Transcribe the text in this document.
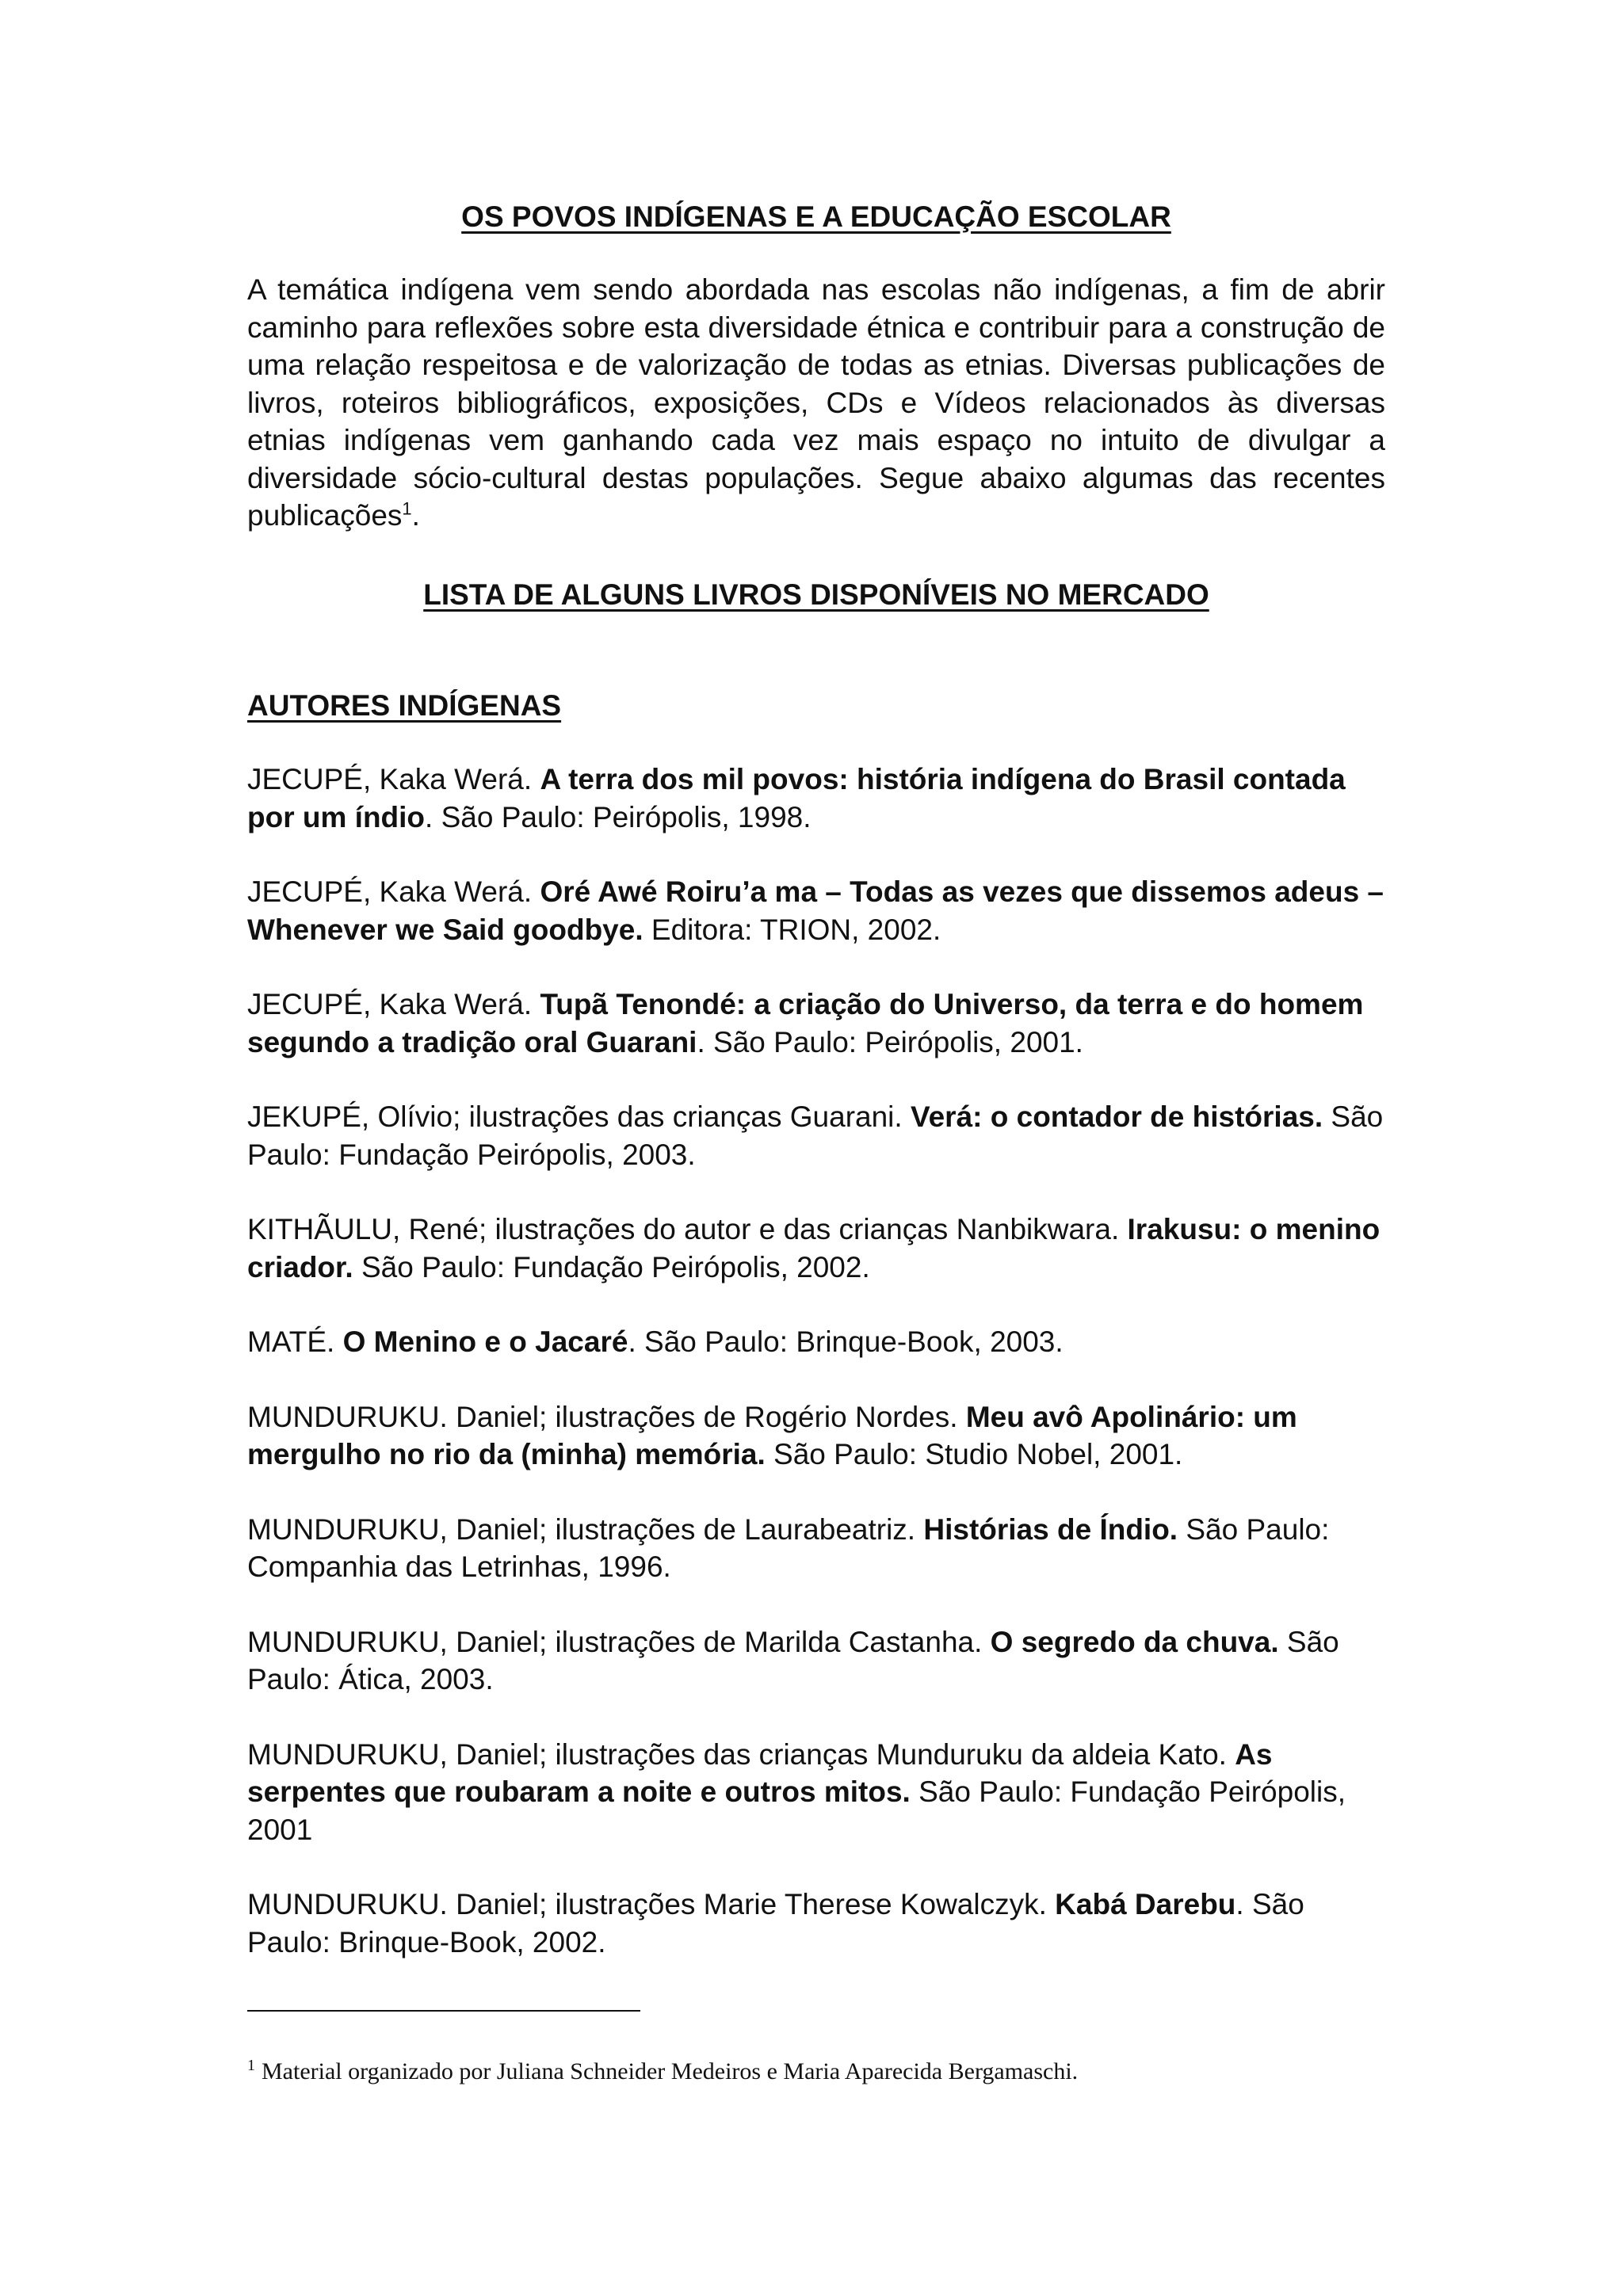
OS POVOS INDÍGENAS E A EDUCAÇÃO ESCOLAR

A temática indígena vem sendo abordada nas escolas não indígenas, a fim de abrir caminho para reflexões sobre esta diversidade étnica e contribuir para a construção de uma relação respeitosa e de valorização de todas as etnias. Diversas publicações de livros, roteiros bibliográficos, exposições, CDs e Vídeos relacionados às diversas etnias indígenas vem ganhando cada vez mais espaço no intuito de divulgar a diversidade sócio-cultural destas populações. Segue abaixo algumas das recentes publicações$^1$.

LISTA DE ALGUNS LIVROS DISPONÍVEIS NO MERCADO
AUTORES INDÍGENAS
JECUPÉ, Kaka Werá. A terra dos mil povos: história indígena do Brasil contada por um índio. São Paulo: Peirópolis, 1998.
JECUPÉ, Kaka Werá. Oré Awé Roiru’a ma – Todas as vezes que dissemos adeus – Whenever we Said goodbye. Editora: TRION, 2002.
JECUPÉ, Kaka Werá. Tupã Tenondé: a criação do Universo, da terra e do homem segundo a tradição oral Guarani. São Paulo: Peirópolis, 2001.
JEKUPÉ, Olívio; ilustrações das crianças Guarani. Verá: o contador de histórias. São Paulo: Fundação Peirópolis, 2003.
KITHÃULU, René; ilustrações do autor e das crianças Nanbikwara. Irakusu: o menino criador. São Paulo: Fundação Peirópolis, 2002.
MATÉ. O Menino e o Jacaré. São Paulo: Brinque-Book, 2003.
MUNDURUKU. Daniel; ilustrações de Rogério Nordes. Meu avô Apolinário: um mergulho no rio da (minha) memória. São Paulo: Studio Nobel, 2001.
MUNDURUKU, Daniel; ilustrações de Laurabeatriz. Histórias de Índio. São Paulo: Companhia das Letrinhas, 1996.
MUNDURUKU, Daniel; ilustrações de Marilda Castanha. O segredo da chuva. São Paulo: Ática, 2003.
MUNDURUKU, Daniel; ilustrações das crianças Munduruku da aldeia Kato. As serpentes que roubaram a noite e outros mitos. São Paulo: Fundação Peirópolis, 2001
MUNDURUKU. Daniel; ilustrações Marie Therese Kowalczyk. Kabá Darebu. São Paulo: Brinque-Book, 2002.

$^1$ Material organizado por Juliana Schneider Medeiros e Maria Aparecida Bergamaschi.
